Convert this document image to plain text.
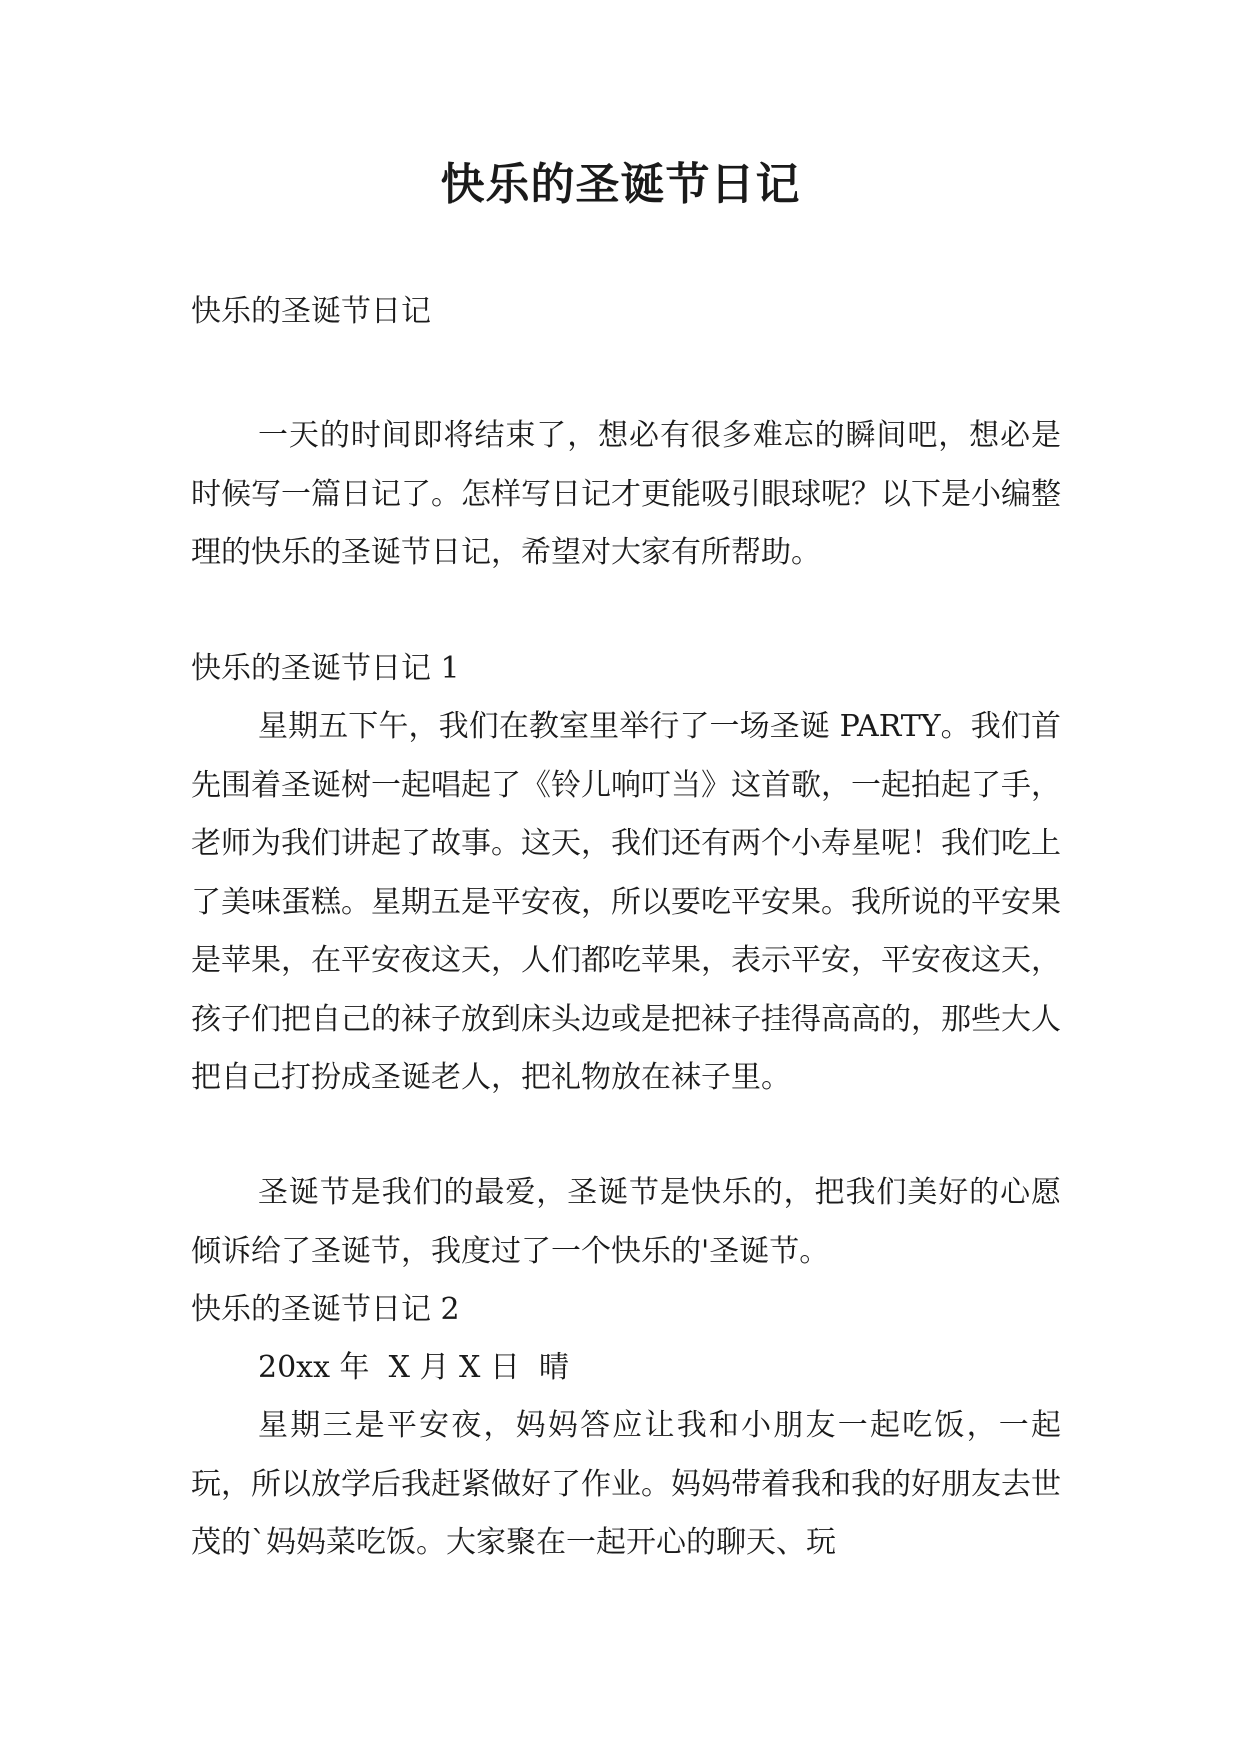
快乐的圣诞节日记

快乐的圣诞节日记

一天的时间即将结束了，想必有很多难忘的瞬间吧，想必是时候写一篇日记了。怎样写日记才更能吸引眼球呢？以下是小编整理的快乐的圣诞节日记，希望对大家有所帮助。

快乐的圣诞节日记 1

星期五下午，我们在教室里举行了一场圣诞 PARTY。我们首先围着圣诞树一起唱起了《铃儿响叮当》这首歌，一起拍起了手，老师为我们讲起了故事。这天，我们还有两个小寿星呢！我们吃上了美味蛋糕。星期五是平安夜，所以要吃平安果。我所说的平安果是苹果，在平安夜这天，人们都吃苹果，表示平安，平安夜这天，孩子们把自己的袜子放到床头边或是把袜子挂得高高的，那些大人把自己打扮成圣诞老人，把礼物放在袜子里。

圣诞节是我们的最爱，圣诞节是快乐的，把我们美好的心愿倾诉给了圣诞节，我度过了一个快乐的'圣诞节。

快乐的圣诞节日记 2

20xx 年  X 月 X 日  晴

星期三是平安夜，妈妈答应让我和小朋友一起吃饭，一起玩，所以放学后我赶紧做好了作业。妈妈带着我和我的好朋友去世茂的`妈妈菜吃饭。大家聚在一起开心的聊天、玩
